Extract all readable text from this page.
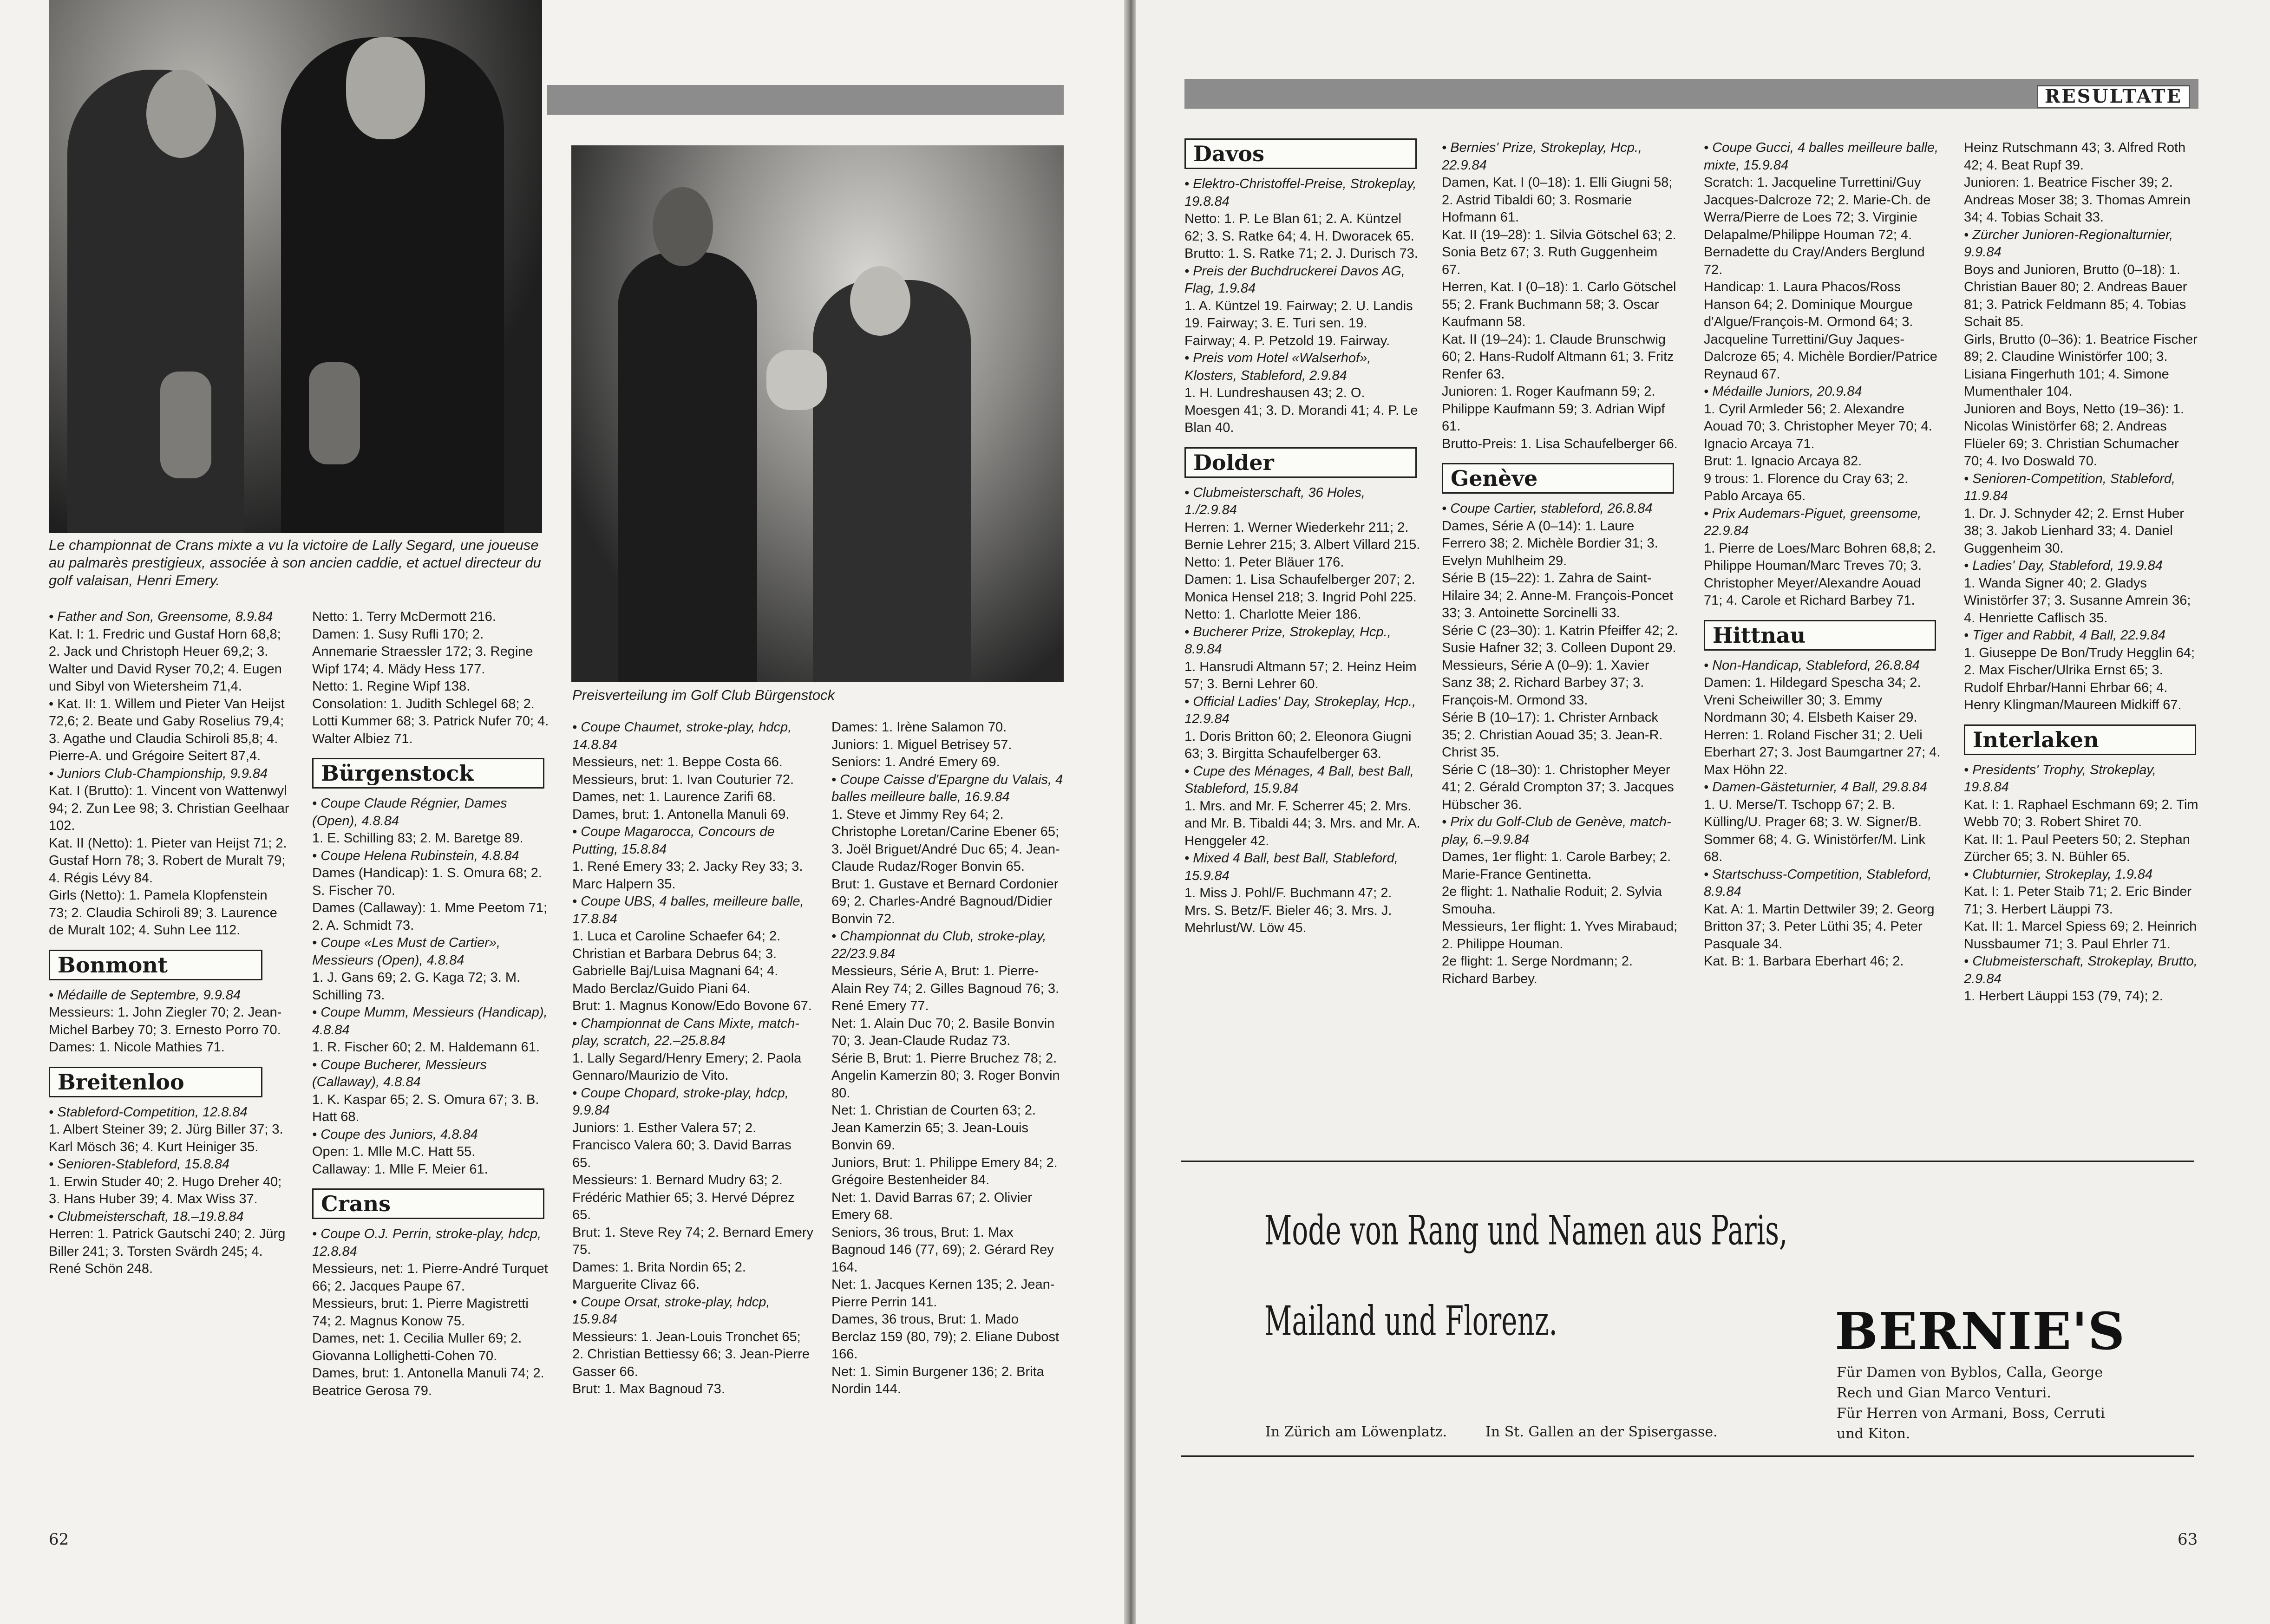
Le championnat de Crans mixte a vu la victoire de Lally Segard, une joueuse au palmarès prestigieux, associée à son ancien caddie, et actuel directeur du golf valaisan, Henri Emery.
Preisverteilung im Golf Club Bürgenstock

• Father and Son, Greensome, 8.9.84

Kat. I: 1. Fredric und Gustaf Horn 68,8; 2. Jack und Christoph Heuer 69,2; 3. Walter und David Ryser 70,2; 4. Eugen und Sibyl von Wietersheim 71,4.

• Kat. II: 1. Willem und Pieter Van Heijst 72,6; 2. Beate und Gaby Roselius 79,4; 3. Agathe und Claudia Schiroli 85,8; 4. Pierre-A. und Grégoire Seitert 87,4.

• Juniors Club-Championship, 9.9.84

Kat. I (Brutto): 1. Vincent von Wattenwyl 94; 2. Zun Lee 98; 3. Christian Geelhaar 102.

Kat. II (Netto): 1. Pieter van Heijst 71; 2. Gustaf Horn 78; 3. Robert de Muralt 79; 4. Régis Lévy 84.

Girls (Netto): 1. Pamela Klopfenstein 73; 2. Claudia Schiroli 89; 3. Laurence de Muralt 102; 4. Suhn Lee 112.

Bonmont

• Médaille de Septembre, 9.9.84

Messieurs: 1. John Ziegler 70; 2. Jean-Michel Barbey 70; 3. Ernesto Porro 70.

Dames: 1. Nicole Mathies 71.

Breitenloo

• Stableford-Competition, 12.8.84

1. Albert Steiner 39; 2. Jürg Biller 37; 3. Karl Mösch 36; 4. Kurt Heiniger 35.

• Senioren-Stableford, 15.8.84

1. Erwin Studer 40; 2. Hugo Dreher 40; 3. Hans Huber 39; 4. Max Wiss 37.

• Clubmeisterschaft, 18.–19.8.84

Herren: 1. Patrick Gautschi 240; 2. Jürg Biller 241; 3. Torsten Svärdh 245; 4. René Schön 248.

Netto: 1. Terry McDermott 216.

Damen: 1. Susy Rufli 170; 2. Annemarie Straessler 172; 3. Regine Wipf 174; 4. Mädy Hess 177.

Netto: 1. Regine Wipf 138.

Consolation: 1. Judith Schlegel 68; 2. Lotti Kummer 68; 3. Patrick Nufer 70; 4. Walter Albiez 71.

Bürgenstock

• Coupe Claude Régnier, Dames (Open), 4.8.84

1. E. Schilling 83; 2. M. Baretge 89.

• Coupe Helena Rubinstein, 4.8.84

Dames (Handicap): 1. S. Omura 68; 2. S. Fischer 70.

Dames (Callaway): 1. Mme Peetom 71; 2. A. Schmidt 73.

• Coupe «Les Must de Cartier», Messieurs (Open), 4.8.84

1. J. Gans 69; 2. G. Kaga 72; 3. M. Schilling 73.

• Coupe Mumm, Messieurs (Handicap), 4.8.84

1. R. Fischer 60; 2. M. Haldemann 61.

• Coupe Bucherer, Messieurs (Callaway), 4.8.84

1. K. Kaspar 65; 2. S. Omura 67; 3. B. Hatt 68.

• Coupe des Juniors, 4.8.84

Open: 1. Mlle M.C. Hatt 55.

Callaway: 1. Mlle F. Meier 61.

Crans

• Coupe O.J. Perrin, stroke-play, hdcp, 12.8.84

Messieurs, net: 1. Pierre-André Turquet 66; 2. Jacques Paupe 67.

Messieurs, brut: 1. Pierre Magistretti 74; 2. Magnus Konow 75.

Dames, net: 1. Cecilia Muller 69; 2. Giovanna Lollighetti-Cohen 70.

Dames, brut: 1. Antonella Manuli 74; 2. Beatrice Gerosa 79.

• Coupe Chaumet, stroke-play, hdcp, 14.8.84

Messieurs, net: 1. Beppe Costa 66.

Messieurs, brut: 1. Ivan Couturier 72.

Dames, net: 1. Laurence Zarifi 68.

Dames, brut: 1. Antonella Manuli 69.

• Coupe Magarocca, Concours de Putting, 15.8.84

1. René Emery 33; 2. Jacky Rey 33; 3. Marc Halpern 35.

• Coupe UBS, 4 balles, meilleure balle, 17.8.84

1. Luca et Caroline Schaefer 64; 2. Christian et Barbara Debrus 64; 3. Gabrielle Baj/Luisa Magnani 64; 4. Mado Berclaz/Guido Piani 64.

Brut: 1. Magnus Konow/Edo Bovone 67.

• Championnat de Cans Mixte, match-play, scratch, 22.–25.8.84

1. Lally Segard/Henry Emery; 2. Paola Gennaro/Maurizio de Vito.

• Coupe Chopard, stroke-play, hdcp, 9.9.84

Juniors: 1. Esther Valera 57; 2. Francisco Valera 60; 3. David Barras 65.

Messieurs: 1. Bernard Mudry 63; 2. Frédéric Mathier 65; 3. Hervé Déprez 65.

Brut: 1. Steve Rey 74; 2. Bernard Emery 75.

Dames: 1. Brita Nordin 65; 2. Marguerite Clivaz 66.

• Coupe Orsat, stroke-play, hdcp, 15.9.84

Messieurs: 1. Jean-Louis Tronchet 65; 2. Christian Bettiessy 66; 3. Jean-Pierre Gasser 66.

Brut: 1. Max Bagnoud 73.

Dames: 1. Irène Salamon 70.

Juniors: 1. Miguel Betrisey 57.

Seniors: 1. André Emery 69.

• Coupe Caisse d'Epargne du Valais, 4 balles meilleure balle, 16.9.84

1. Steve et Jimmy Rey 64; 2. Christophe Loretan/Carine Ebener 65; 3. Joël Briguet/André Duc 65; 4. Jean-Claude Rudaz/Roger Bonvin 65.

Brut: 1. Gustave et Bernard Cordonier 69; 2. Charles-André Bagnoud/Didier Bonvin 72.

• Championnat du Club, stroke-play, 22/23.9.84

Messieurs, Série A, Brut: 1. Pierre-Alain Rey 74; 2. Gilles Bagnoud 76; 3. René Emery 77.

Net: 1. Alain Duc 70; 2. Basile Bonvin 70; 3. Jean-Claude Rudaz 73.

Série B, Brut: 1. Pierre Bruchez 78; 2. Angelin Kamerzin 80; 3. Roger Bonvin 80.

Net: 1. Christian de Courten 63; 2. Jean Kamerzin 65; 3. Jean-Louis Bonvin 69.

Juniors, Brut: 1. Philippe Emery 84; 2. Grégoire Bestenheider 84.

Net: 1. David Barras 67; 2. Olivier Emery 68.

Seniors, 36 trous, Brut: 1. Max Bagnoud 146 (77, 69); 2. Gérard Rey 164.

Net: 1. Jacques Kernen 135; 2. Jean-Pierre Perrin 141.

Dames, 36 trous, Brut: 1. Mado Berclaz 159 (80, 79); 2. Eliane Dubost 166.

Net: 1. Simin Burgener 136; 2. Brita Nordin 144.

62
RESULTATE
Davos

• Elektro-Christoffel-Preise, Strokeplay, 19.8.84

Netto: 1. P. Le Blan 61; 2. A. Küntzel 62; 3. S. Ratke 64; 4. H. Dworacek 65.

Brutto: 1. S. Ratke 71; 2. J. Durisch 73.

• Preis der Buchdruckerei Davos AG, Flag, 1.9.84

1. A. Küntzel 19. Fairway; 2. U. Landis 19. Fairway; 3. E. Turi sen. 19. Fairway; 4. P. Petzold 19. Fairway.

• Preis vom Hotel «Walserhof», Klosters, Stableford, 2.9.84

1. H. Lundreshausen 43; 2. O. Moesgen 41; 3. D. Morandi 41; 4. P. Le Blan 40.

Dolder

• Clubmeisterschaft, 36 Holes, 1./2.9.84

Herren: 1. Werner Wiederkehr 211; 2. Bernie Lehrer 215; 3. Albert Villard 215.

Netto: 1. Peter Bläuer 176.

Damen: 1. Lisa Schaufelberger 207; 2. Monica Hensel 218; 3. Ingrid Pohl 225.

Netto: 1. Charlotte Meier 186.

• Bucherer Prize, Strokeplay, Hcp., 8.9.84

1. Hansrudi Altmann 57; 2. Heinz Heim 57; 3. Berni Lehrer 60.

• Official Ladies' Day, Strokeplay, Hcp., 12.9.84

1. Doris Britton 60; 2. Eleonora Giugni 63; 3. Birgitta Schaufelberger 63.

• Cupe des Ménages, 4 Ball, best Ball, Stableford, 15.9.84

1. Mrs. and Mr. F. Scherrer 45; 2. Mrs. and Mr. B. Tibaldi 44; 3. Mrs. and Mr. A. Henggeler 42.

• Mixed 4 Ball, best Ball, Stableford, 15.9.84

1. Miss J. Pohl/F. Buchmann 47; 2. Mrs. S. Betz/F. Bieler 46; 3. Mrs. J. Mehrlust/W. Löw 45.

• Bernies' Prize, Strokeplay, Hcp., 22.9.84

Damen, Kat. I (0–18): 1. Elli Giugni 58; 2. Astrid Tibaldi 60; 3. Rosmarie Hofmann 61.

Kat. II (19–28): 1. Silvia Götschel 63; 2. Sonia Betz 67; 3. Ruth Guggenheim 67.

Herren, Kat. I (0–18): 1. Carlo Götschel 55; 2. Frank Buchmann 58; 3. Oscar Kaufmann 58.

Kat. II (19–24): 1. Claude Brunschwig 60; 2. Hans-Rudolf Altmann 61; 3. Fritz Renfer 63.

Junioren: 1. Roger Kaufmann 59; 2. Philippe Kaufmann 59; 3. Adrian Wipf 61.

Brutto-Preis: 1. Lisa Schaufelberger 66.

Genève

• Coupe Cartier, stableford, 26.8.84

Dames, Série A (0–14): 1. Laure Ferrero 38; 2. Michèle Bordier 31; 3. Evelyn Muhlheim 29.

Série B (15–22): 1. Zahra de Saint-Hilaire 34; 2. Anne-M. François-Poncet 33; 3. Antoinette Sorcinelli 33.

Série C (23–30): 1. Katrin Pfeiffer 42; 2. Susie Hafner 32; 3. Colleen Dupont 29.

Messieurs, Série A (0–9): 1. Xavier Sanz 38; 2. Richard Barbey 37; 3. François-M. Ormond 33.

Série B (10–17): 1. Christer Arnback 35; 2. Christian Aouad 35; 3. Jean-R. Christ 35.

Série C (18–30): 1. Christopher Meyer 41; 2. Gérald Crompton 37; 3. Jacques Hübscher 36.

• Prix du Golf-Club de Genève, match-play, 6.–9.9.84

Dames, 1er flight: 1. Carole Barbey; 2. Marie-France Gentinetta.

2e flight: 1. Nathalie Roduit; 2. Sylvia Smouha.

Messieurs, 1er flight: 1. Yves Mirabaud; 2. Philippe Houman.

2e flight: 1. Serge Nordmann; 2. Richard Barbey.

• Coupe Gucci, 4 balles meilleure balle, mixte, 15.9.84

Scratch: 1. Jacqueline Turrettini/Guy Jacques-Dalcroze 72; 2. Marie-Ch. de Werra/Pierre de Loes 72; 3. Virginie Delapalme/Philippe Houman 72; 4. Bernadette du Cray/Anders Berglund 72.

Handicap: 1. Laura Phacos/Ross Hanson 64; 2. Dominique Mourgue d'Algue/François-M. Ormond 64; 3. Jacqueline Turrettini/Guy Jaques-Dalcroze 65; 4. Michèle Bordier/Patrice Reynaud 67.

• Médaille Juniors, 20.9.84

1. Cyril Armleder 56; 2. Alexandre Aouad 70; 3. Christopher Meyer 70; 4. Ignacio Arcaya 71.

Brut: 1. Ignacio Arcaya 82.

9 trous: 1. Florence du Cray 63; 2. Pablo Arcaya 65.

• Prix Audemars-Piguet, greensome, 22.9.84

1. Pierre de Loes/Marc Bohren 68,8; 2. Philippe Houman/Marc Treves 70; 3. Christopher Meyer/Alexandre Aouad 71; 4. Carole et Richard Barbey 71.

Hittnau

• Non-Handicap, Stableford, 26.8.84

Damen: 1. Hildegard Spescha 34; 2. Vreni Scheiwiller 30; 3. Emmy Nordmann 30; 4. Elsbeth Kaiser 29.

Herren: 1. Roland Fischer 31; 2. Ueli Eberhart 27; 3. Jost Baumgartner 27; 4. Max Höhn 22.

• Damen-Gästeturnier, 4 Ball, 29.8.84

1. U. Merse/T. Tschopp 67; 2. B. Külling/U. Prager 68; 3. W. Signer/B. Sommer 68; 4. G. Winistörfer/M. Link 68.

• Startschuss-Competition, Stableford, 8.9.84

Kat. A: 1. Martin Dettwiler 39; 2. Georg Britton 37; 3. Peter Lüthi 35; 4. Peter Pasquale 34.

Kat. B: 1. Barbara Eberhart 46; 2.

Heinz Rutschmann 43; 3. Alfred Roth 42; 4. Beat Rupf 39.

Junioren: 1. Beatrice Fischer 39; 2. Andreas Moser 38; 3. Thomas Amrein 34; 4. Tobias Schait 33.

• Zürcher Junioren-Regionalturnier, 9.9.84

Boys and Junioren, Brutto (0–18): 1. Christian Bauer 80; 2. Andreas Bauer 81; 3. Patrick Feldmann 85; 4. Tobias Schait 85.

Girls, Brutto (0–36): 1. Beatrice Fischer 89; 2. Claudine Winistörfer 100; 3. Lisiana Fingerhuth 101; 4. Simone Mumenthaler 104.

Junioren and Boys, Netto (19–36): 1. Nicolas Winistörfer 68; 2. Andreas Flüeler 69; 3. Christian Schumacher 70; 4. Ivo Doswald 70.

• Senioren-Competition, Stableford, 11.9.84

1. Dr. J. Schnyder 42; 2. Ernst Huber 38; 3. Jakob Lienhard 33; 4. Daniel Guggenheim 30.

• Ladies' Day, Stableford, 19.9.84

1. Wanda Signer 40; 2. Gladys Winistörfer 37; 3. Susanne Amrein 36; 4. Henriette Caflisch 35.

• Tiger and Rabbit, 4 Ball, 22.9.84

1. Giuseppe De Bon/Trudy Hegglin 64; 2. Max Fischer/Ulrika Ernst 65; 3. Rudolf Ehrbar/Hanni Ehrbar 66; 4. Henry Klingman/Maureen Midkiff 67.

Interlaken

• Presidents' Trophy, Strokeplay, 19.8.84

Kat. I: 1. Raphael Eschmann 69; 2. Tim Webb 70; 3. Robert Shiret 70.

Kat. II: 1. Paul Peeters 50; 2. Stephan Zürcher 65; 3. N. Bühler 65.

• Clubturnier, Strokeplay, 1.9.84

Kat. I: 1. Peter Staib 71; 2. Eric Binder 71; 3. Herbert Läuppi 73.

Kat. II: 1. Marcel Spiess 69; 2. Heinrich Nussbaumer 71; 3. Paul Ehrler 71.

• Clubmeisterschaft, Strokeplay, Brutto, 2.9.84

1. Herbert Läuppi 153 (79, 74); 2.

63
Mode von Rang und Namen aus Paris,
Mailand und Florenz.	BERNIE'S
Für Damen von Byblos, Calla, George Rech und Gian Marco Venturi.
Für Herren von Armani, Boss, Cerruti und Kiton.
In Zürich am Löwenplatz.	In St. Gallen an der Spisergasse.
